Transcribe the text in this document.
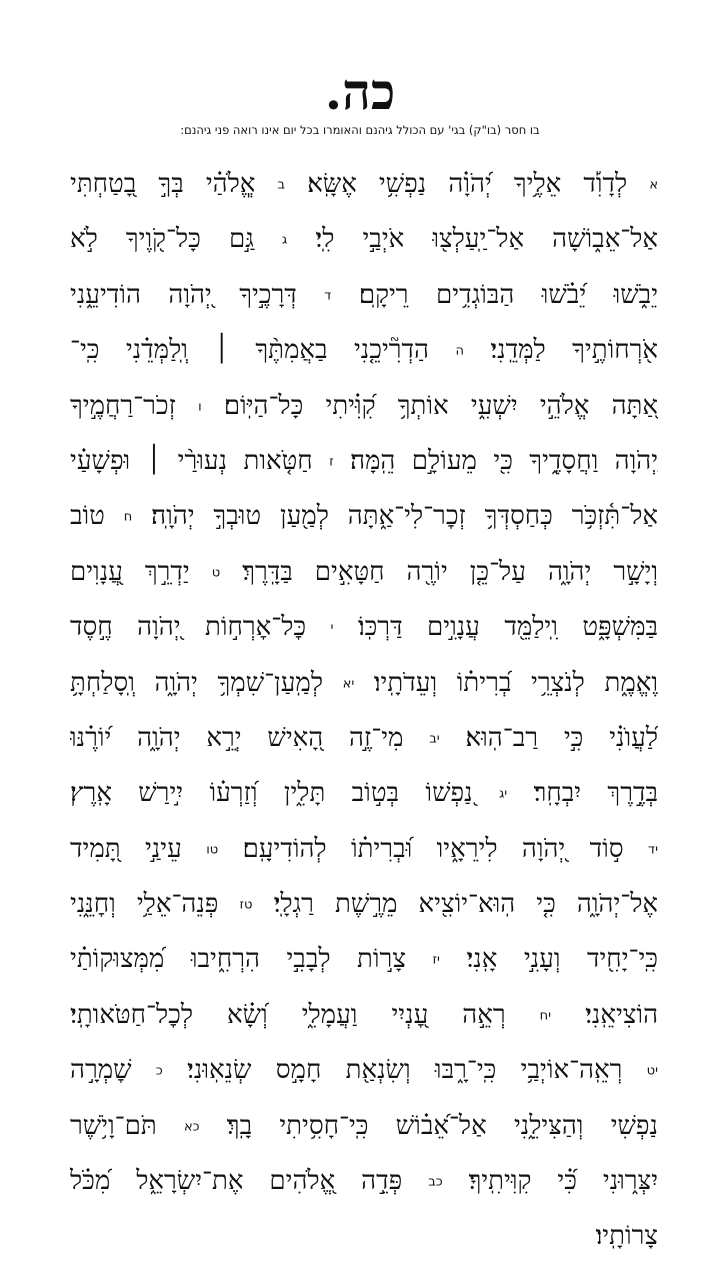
כה.
בו חסר (בו"ק) בגי' עם הכולל גיהנם והאומרו בכל יום אינו רואה פני גיהנם:
א לְדָוִ֡ד אֵלֶ֥יךָ יְ֝הֹוָ֗ה נַפְשִׁ֥י אֶשָּֽׂא׃ ב אֱֽלֹהַ֗י בְּךָ֣ בָ֭טַחְתִּי
אַל־אֵב֑וֹשָׁה אַל־יַֽעַלְצ֖וּ אֹיְבַ֣י לִֽי׃ ג גַּ֣ם כָּל־קֹ֭וֶיךָ לֹ֣א
יֵבֹ֑שׁוּ יֵ֝בֹ֗שׁוּ הַבּוֹגְדִ֥ים רֵיקָֽם׃ ד דְּרָכֶ֣יךָ יְ֭הֹוָה הוֹדִיעֵ֑נִי
אֹ֖רְחוֹתֶ֣יךָ לַמְּדֵֽנִי׃ ה הַדְרִ֘יכֵ֤נִי בַאֲמִתֶּ֨ךָ ׀ וְֽלַמְּדֵ֗נִי כִּֽי־
אַ֭תָּה אֱלֹהֵ֣י יִשְׁעִ֑י אוֹתְךָ֥ קִ֝וִּ֗יתִי כָּל־הַיּֽוֹם׃ ו זְכֹר־רַחֲמֶ֣יךָ
יְ֭הֹוָה וַחֲסָדֶ֑יךָ כִּ֖י מֵעוֹלָ֣ם הֵֽמָּה׃ ז חַטֹּ֤אות נְעוּרַ֨י ׀ וּפְשָׁעַ֗י
אַל־תִּ֫זְכֹּ֥ר כְּחַסְדְּךָ֥ זְכׇר־לִי־אַ֑תָּה לְמַ֖עַן טוּבְךָ֣ יְהֹוָֽה׃ ח טוֹב
וְיָשָׁ֣ר יְהֹוָ֑ה עַל־כֵּ֤ן יוֹרֶ֖ה חַטָּאִ֣ים בַּדָּֽרֶךְ׃ ט יַדְרֵ֣ךְ עֲ֭נָוִים
בַּמִּשְׁפָּ֑ט וִֽילַמֵּ֖ד עֲנָוִ֣ים דַּרְכּֽוֹ׃ י כׇּל־אׇרְח֣וֹת יְ֭הֹוָה חֶ֣סֶד
וֶאֱמֶ֑ת לְנֹצְרֵ֥י בְ֝רִית֗וֹ וְעֵדֹתָֽיו׃ יא לְמַֽעַן־שִׁמְךָ֥ יְהֹוָ֑ה וְֽסָלַחְתָּ֥
לַ֝עֲוֺנִ֗י כִּ֣י רַב־הֽוּא׃ יב מִי־זֶ֣ה הָ֭אִישׁ יְרֵ֣א יְהֹוָ֑ה י֝וֹרֶ֗נּוּ
בְּדֶ֣רֶךְ יִבְחָֽר׃ יג נַ֭פְשׁוֹ בְּט֣וֹב תָּלִ֑ין וְ֝זַרְע֗וֹ יִ֣ירַשׁ אָֽרֶץ׃
יד ס֣וֹד יְ֭הֹוָה לִירֵאָ֑יו וּ֝בְרִית֗וֹ לְהוֹדִיעָֽם׃ טו עֵינַ֣י תָּ֭מִיד
אֶל־יְהֹוָ֑ה כִּ֤י הֽוּא־יוֹצִ֖יא מֵרֶ֣שֶׁת רַגְלָֽי׃ טז פְּנֵה־אֵלַ֥י וְחׇנֵּ֑נִי
כִּֽי־יָחִ֖יד וְעָנִ֣י אָֽנִי׃ יז צָר֣וֹת לְבָבִ֣י הִרְחִ֑יבוּ מִ֝מְּצוּקוֹתַ֗י
הוֹצִיאֵֽנִי׃ יח רְאֵ֣ה עׇ֭נְיִי וַעֲמָלִ֑י וְ֝שָׂ֗א לְכׇל־חַטֹּאותָֽי׃
יט רְאֵֽה־אוֹיְבַ֥י כִּֽי־רָ֑בּוּ וְשִׂנְאַ֖ת חָמָ֣ס שְׂנֵאֽוּנִי׃ כ שׇׁמְרָ֣ה
נַ֭פְשִׁי וְהַצִּילֵ֑נִי אַל־אֵ֝ב֗וֹשׁ כִּֽי־חָסִ֥יתִי בָֽךְ׃ כא תֹּם־וָיֹ֥שֶׁר
יִצְּר֑וּנִי כִּ֝֗י קִוִּיתִֽיךָ׃ כב פְּדֵ֣ה אֱ֭לֹהִים אֶת־יִשְׂרָאֵ֑ל מִ֝כֹּ֗ל
צָרוֹתָֽיו׃
